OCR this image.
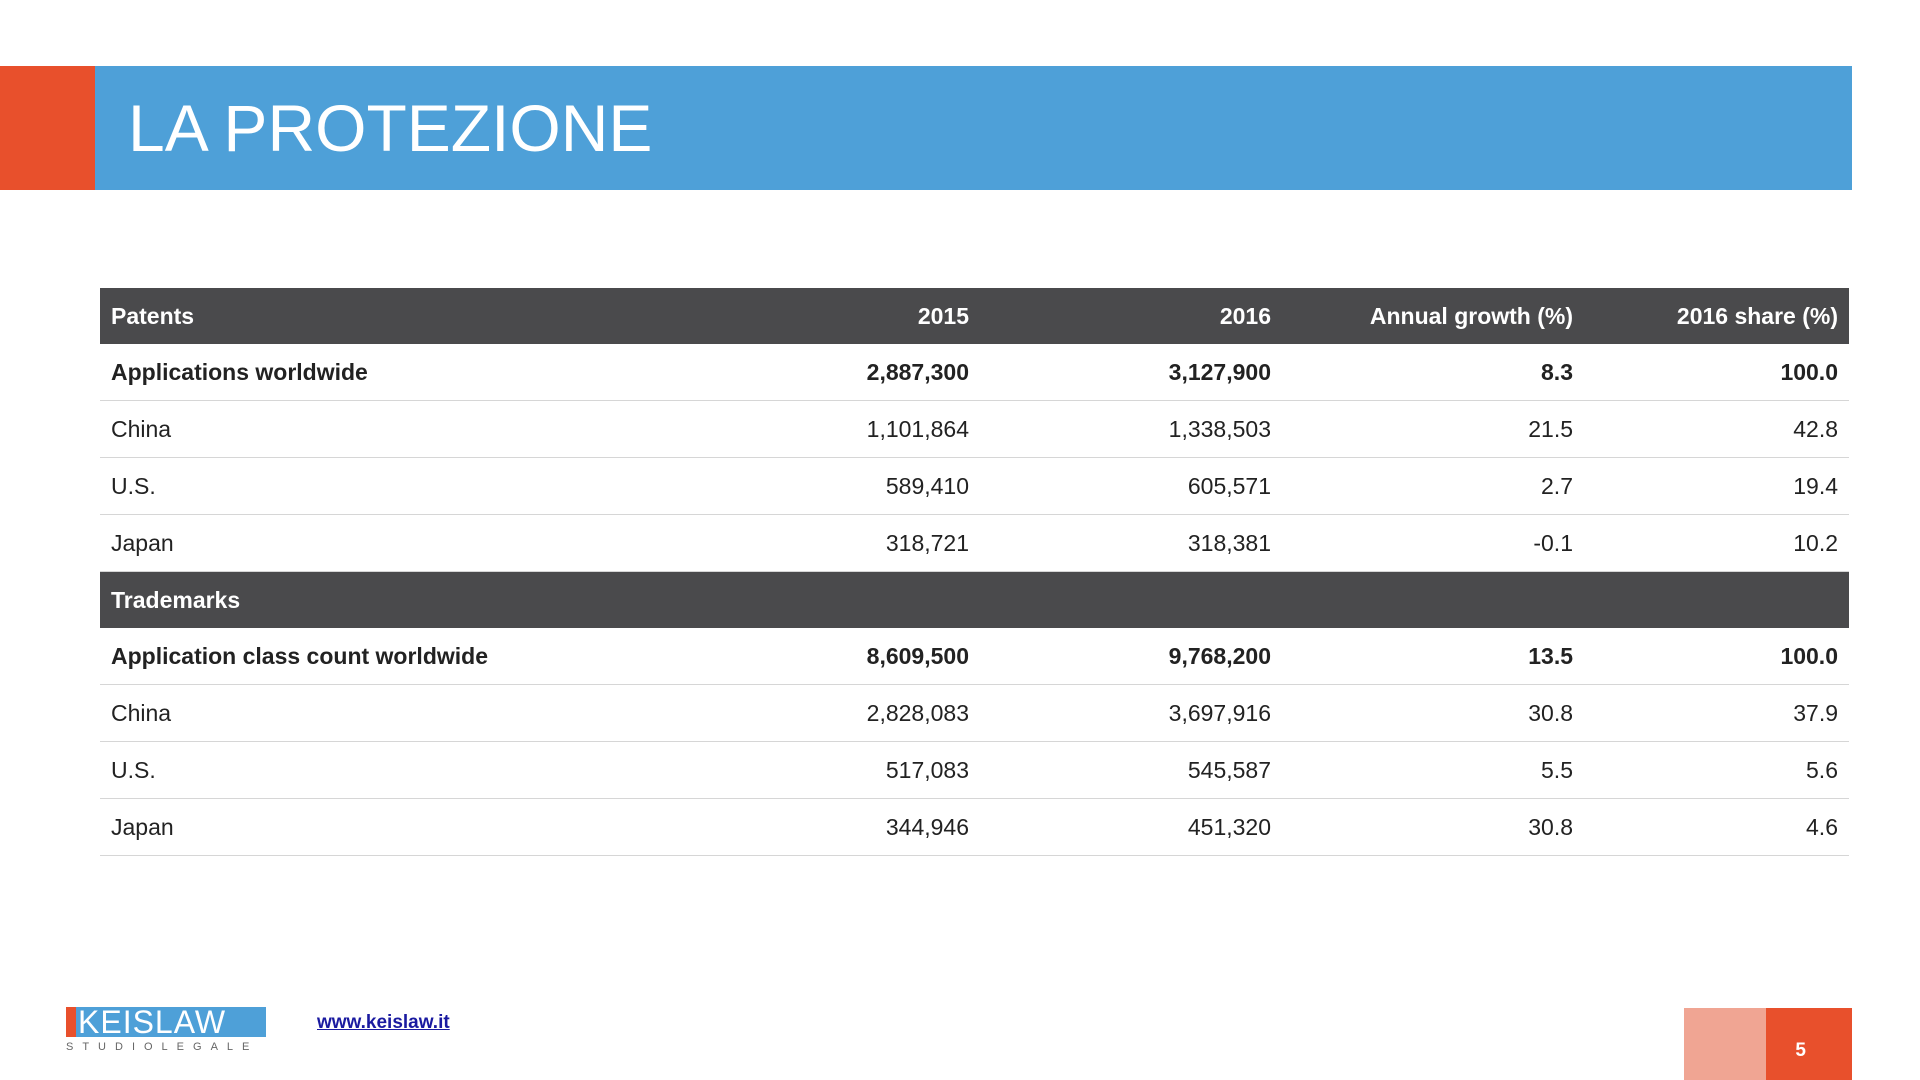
LA PROTEZIONE
Patents	2015	2016	Annual growth (%)	2016 share (%)
Applications worldwide	2,887,300	3,127,900	8.3	100.0
China	1,101,864	1,338,503	21.5	42.8
U.S.	589,410	605,571	2.7	19.4
Japan	318,721	318,381	-0.1	10.2
Trademarks				
Application class count worldwide	8,609,500	9,768,200	13.5	100.0
China	2,828,083	3,697,916	30.8	37.9
U.S.	517,083	545,587	5.5	5.6
Japan	344,946	451,320	30.8	4.6
KEISLAW
STUDIOLEGALE
www.keislaw.it
5
